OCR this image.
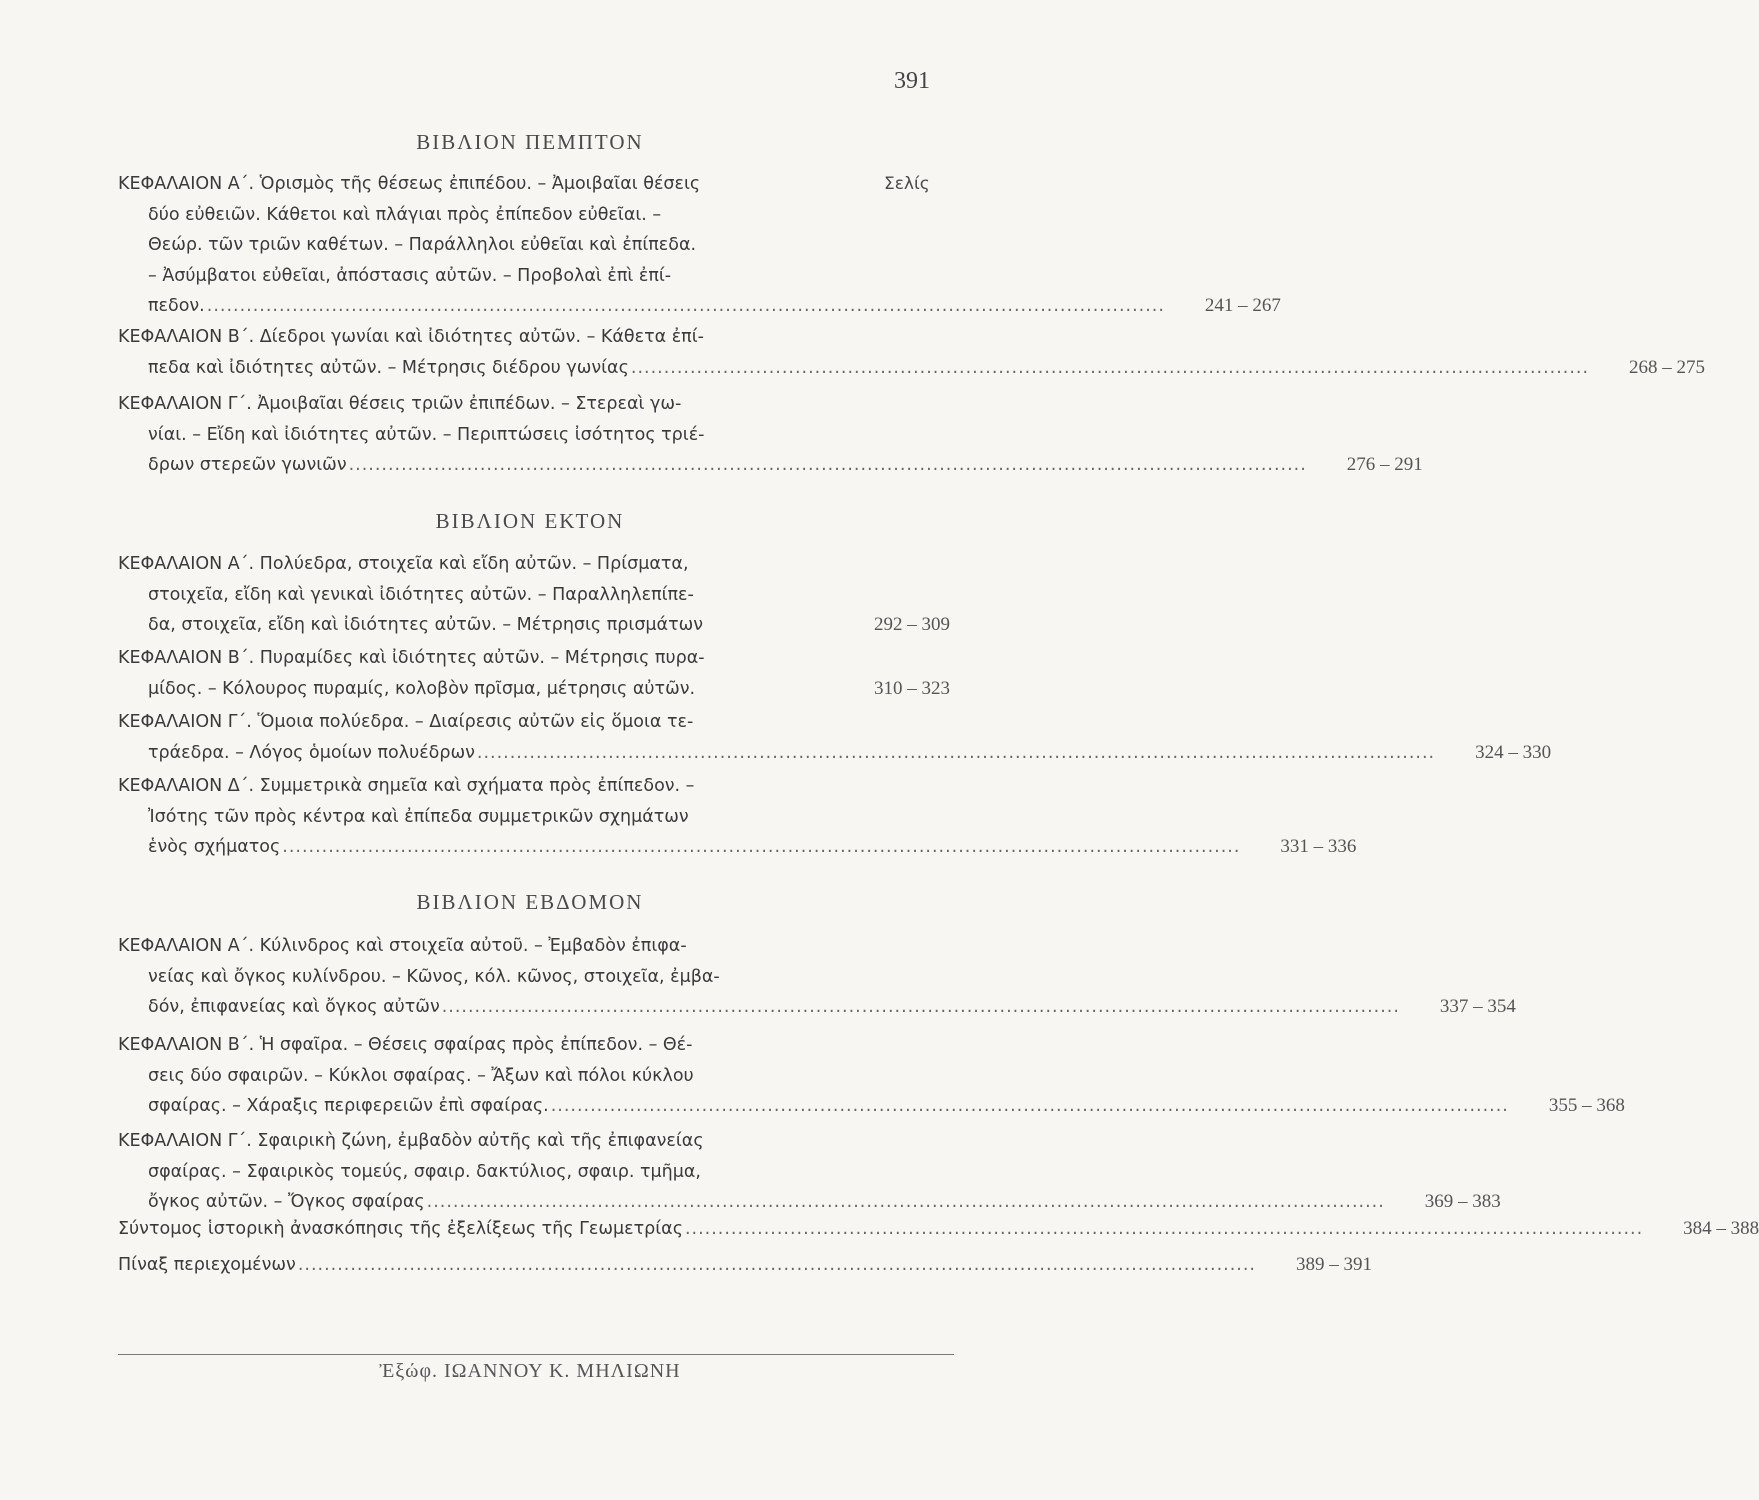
391
ΒΙΒΛΙΟΝ ΠΕΜΠΤΟΝ
Σελίς
ΚΕΦΑΛΑΙΟΝ Α΄. Ὁρισμὸς τῆς θέσεως ἐπιπέδου. – Ἀμοιβαῖαι θέσεις
δύο εὐθειῶν. Κάθετοι καὶ πλάγιαι πρὸς ἐπίπεδον εὐθεῖαι. –
Θεώρ. τῶν τριῶν καθέτων. – Παράλληλοι εὐθεῖαι καὶ ἐπίπεδα.
– Ἀσύμβατοι εὐθεῖαι, ἀπόστασις αὐτῶν. – Προβολαὶ ἐπὶ ἐπί-
πεδον. ..................................................................................................................................................	241 – 267
ΚΕΦΑΛΑΙΟΝ Β΄. Δίεδροι γωνίαι καὶ ἰδιότητες αὐτῶν. – Κάθετα ἐπί-
πεδα καὶ ἰδιότητες αὐτῶν. – Μέτρησις διέδρου γωνίας ..................................................................................................................................................	268 – 275
ΚΕΦΑΛΑΙΟΝ Γ΄. Ἀμοιβαῖαι θέσεις τριῶν ἐπιπέδων. – Στερεαὶ γω-
νίαι. – Εἴδη καὶ ἰδιότητες αὐτῶν. – Περιπτώσεις ἰσότητος τριέ-
δρων στερεῶν γωνιῶν ..................................................................................................................................................	276 – 291
ΒΙΒΛΙΟΝ ΕΚΤΟΝ
ΚΕΦΑΛΑΙΟΝ Α΄. Πολύεδρα, στοιχεῖα καὶ εἴδη αὐτῶν. – Πρίσματα,
στοιχεῖα, εἴδη καὶ γενικαὶ ἰδιότητες αὐτῶν. – Παραλληλεπίπε-
δα, στοιχεῖα, εἴδη καὶ ἰδιότητες αὐτῶν. – Μέτρησις πρισμάτων	292 – 309
ΚΕΦΑΛΑΙΟΝ Β΄. Πυραμίδες καὶ ἰδιότητες αὐτῶν. – Μέτρησις πυρα-
μίδος. – Κόλουρος πυραμίς, κολοβὸν πρῖσμα, μέτρησις αὐτῶν.	310 – 323
ΚΕΦΑΛΑΙΟΝ Γ΄. Ὅμοια πολύεδρα. – Διαίρεσις αὐτῶν εἰς ὅμοια τε-
τράεδρα. – Λόγος ὁμοίων πολυέδρων ..................................................................................................................................................	324 – 330
ΚΕΦΑΛΑΙΟΝ Δ΄. Συμμετρικὰ σημεῖα καὶ σχήματα πρὸς ἐπίπεδον. –
Ἰσότης τῶν πρὸς κέντρα καὶ ἐπίπεδα συμμετρικῶν σχημάτων
ἑνὸς σχήματος ..................................................................................................................................................	331 – 336
ΒΙΒΛΙΟΝ ΕΒΔΟΜΟΝ
ΚΕΦΑΛΑΙΟΝ Α΄. Κύλινδρος καὶ στοιχεῖα αὐτοῦ. – Ἐμβαδὸν ἐπιφα-
νείας καὶ ὄγκος κυλίνδρου. – Κῶνος, κόλ. κῶνος, στοιχεῖα, ἐμβα-
δόν, ἐπιφανείας καὶ ὄγκος αὐτῶν ..................................................................................................................................................	337 – 354
ΚΕΦΑΛΑΙΟΝ Β΄. Ἡ σφαῖρα. – Θέσεις σφαίρας πρὸς ἐπίπεδον. – Θέ-
σεις δύο σφαιρῶν. – Κύκλοι σφαίρας. – Ἄξων καὶ πόλοι κύκλου
σφαίρας. – Χάραξις περιφερειῶν ἐπὶ σφαίρας. ..................................................................................................................................................	355 – 368
ΚΕΦΑΛΑΙΟΝ Γ΄. Σφαιρικὴ ζώνη, ἐμβαδὸν αὐτῆς καὶ τῆς ἐπιφανείας
σφαίρας. – Σφαιρικὸς τομεύς, σφαιρ. δακτύλιος, σφαιρ. τμῆμα,
ὄγκος αὐτῶν. – Ὄγκος σφαίρας ..................................................................................................................................................	369 – 383
Σύντομος ἱστορικὴ ἀνασκόπησις τῆς ἐξελίξεως τῆς Γεωμετρίας ..................................................................................................................................................	384 – 388
Πίναξ περιεχομένων ..................................................................................................................................................	389 – 391
Ἐξώφ. ΙΩΑΝΝΟΥ Κ. ΜΗΛΙΩΝΗ
